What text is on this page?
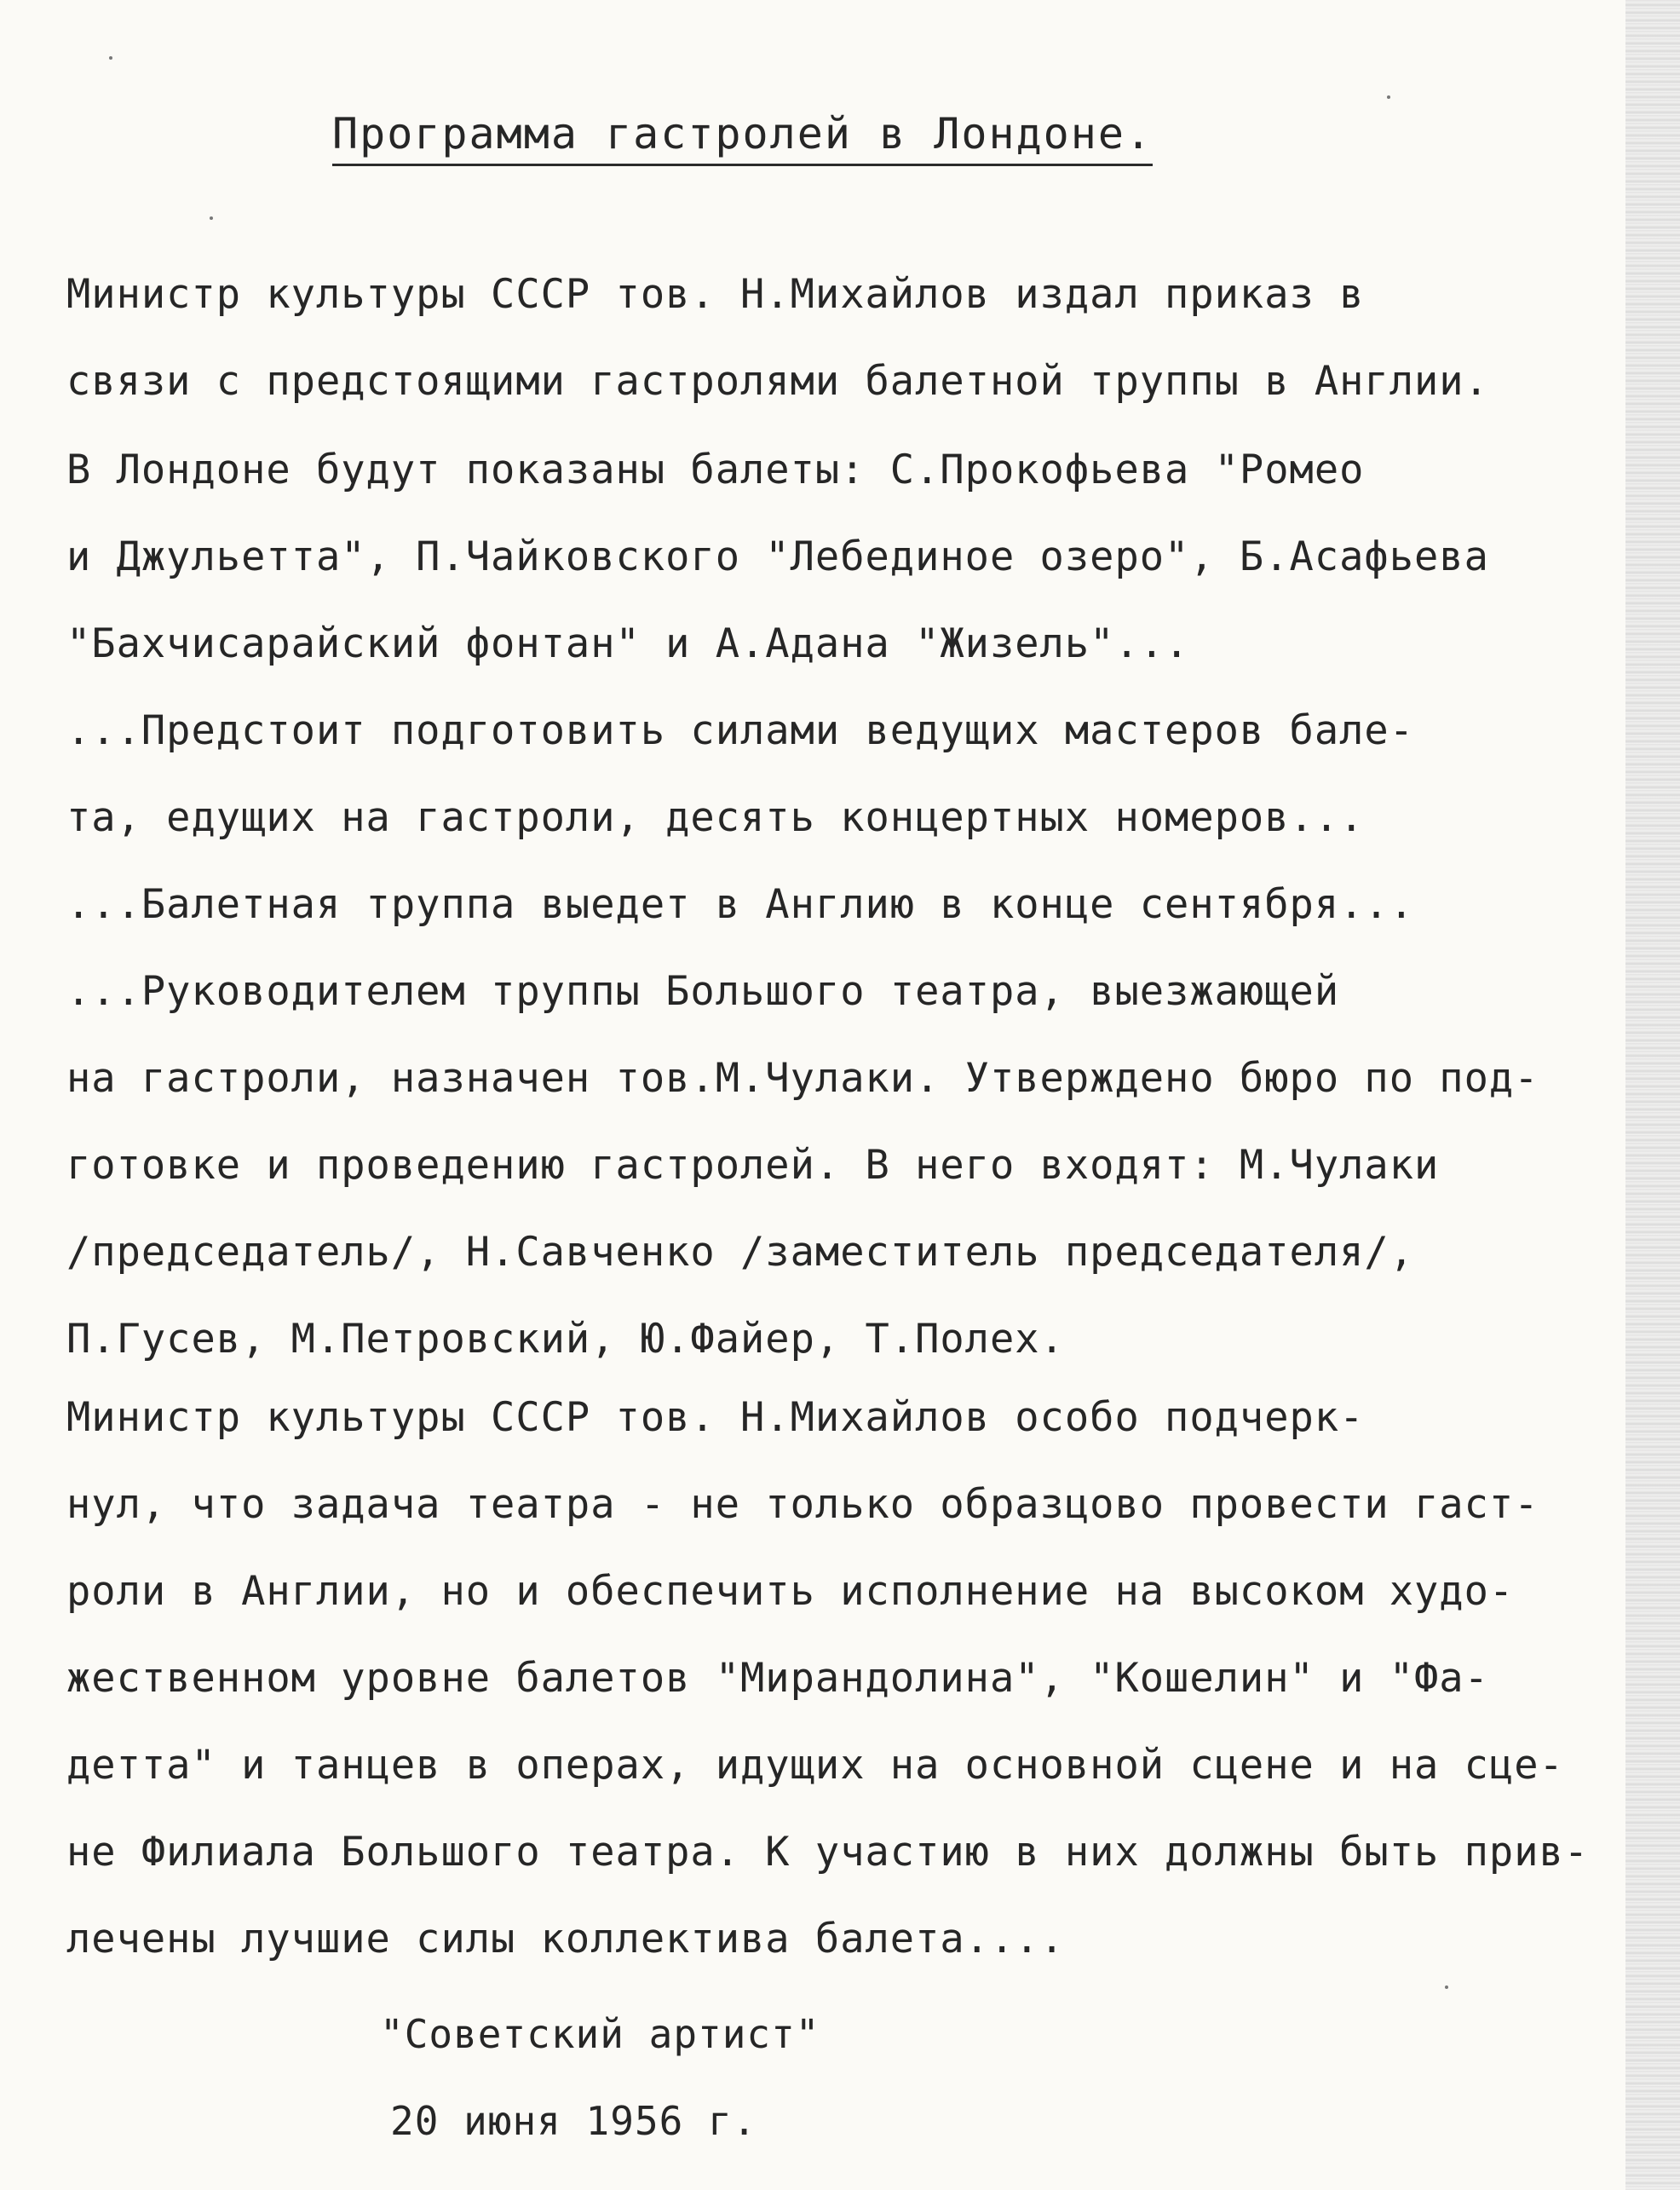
Программа гастролей в Лондоне.
Министр культуры СССР тов. Н.Михайлов издал приказ в
связи с предстоящими гастролями балетной труппы в Англии.
В Лондоне будут показаны балеты: С.Прокофьева "Ромео
и Джульетта", П.Чайковского "Лебединое озеро", Б.Асафьева
"Бахчисарайский фонтан" и А.Адана "Жизель"...
...Предстоит подготовить силами ведущих мастеров бале-
та, едущих на гастроли, десять концертных номеров...
...Балетная труппа выедет в Англию в конце сентября...
...Руководителем труппы Большого театра, выезжающей
на гастроли, назначен тов.М.Чулаки. Утверждено бюро по под-
готовке и проведению гастролей. В него входят: М.Чулаки
/председатель/, Н.Савченко /заместитель председателя/,
П.Гусев, М.Петровский, Ю.Файер, Т.Полех.
Министр культуры СССР тов. Н.Михайлов особо подчерк-
нул, что задача театра - не только образцово провести гаст-
роли в Англии, но и обеспечить исполнение на высоком худо-
жественном уровне балетов "Мирандолина", "Кошелин" и "Фа-
детта" и танцев в операх, идущих на основной сцене и на сце-
не Филиала Большого театра. К участию в них должны быть прив-
лечены лучшие силы коллектива балета....
"Советский артист"
20 июня 1956 г.
